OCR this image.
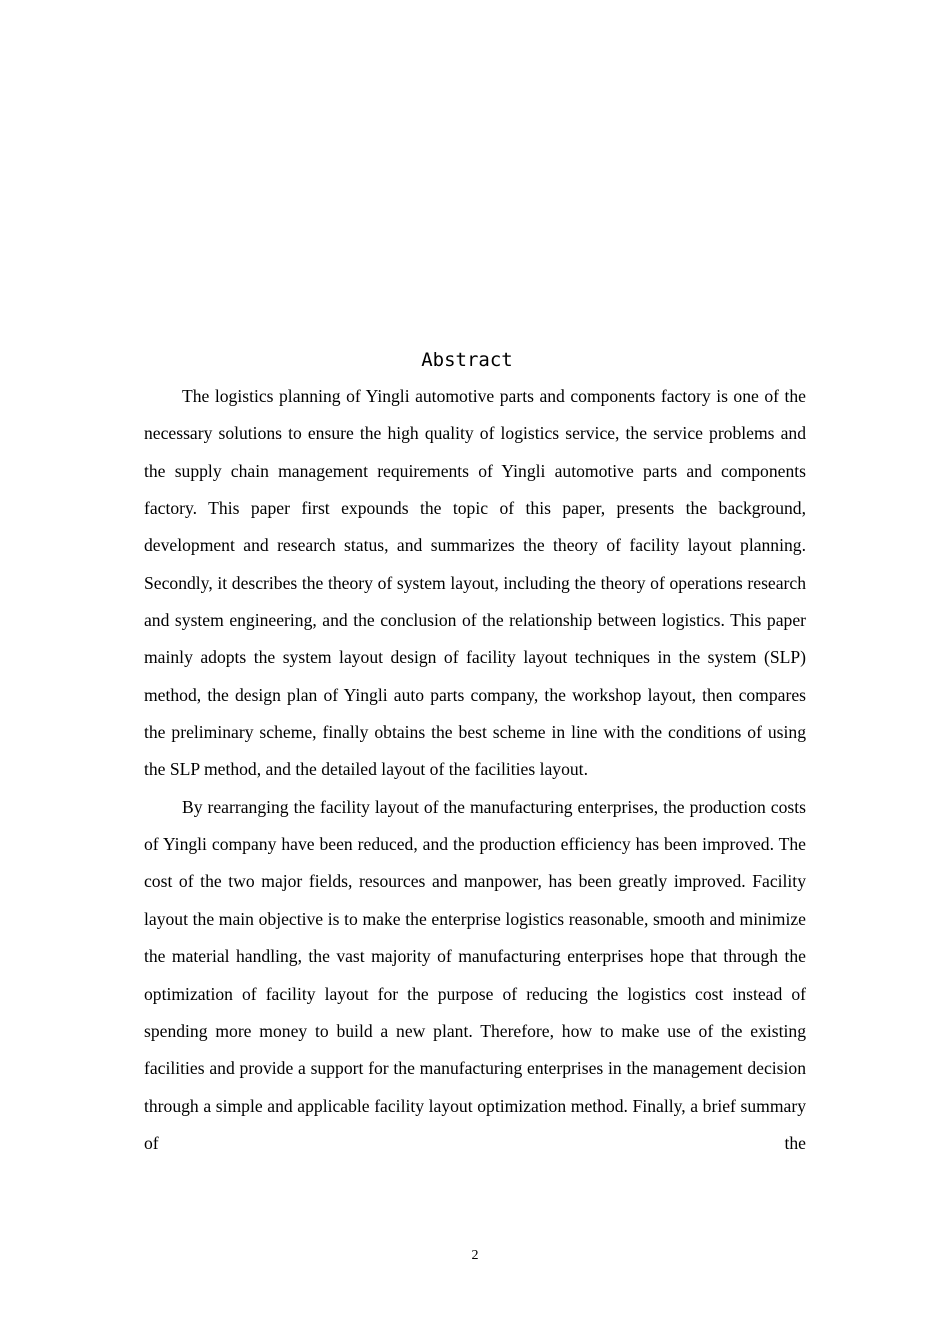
Abstract

The logistics planning of Yingli automotive parts and components factory is one of the necessary solutions to ensure the high quality of logistics service, the service problems and the supply chain management requirements of Yingli automotive parts and components factory. This paper first expounds the topic of this paper, presents the background, development and research status, and summarizes the theory of facility layout planning. Secondly, it describes the theory of system layout, including the theory of operations research and system engineering, and the conclusion of the relationship between logistics. This paper mainly adopts the system layout design of facility layout techniques in the system (SLP) method, the design plan of Yingli auto parts company, the workshop layout, then compares the preliminary scheme, finally obtains the best scheme in line with the conditions of using the SLP method, and the detailed layout of the facilities layout.

By rearranging the facility layout of the manufacturing enterprises, the production costs of Yingli company have been reduced, and the production efficiency has been improved. The cost of the two major fields, resources and manpower, has been greatly improved. Facility layout the main objective is to make the enterprise logistics reasonable, smooth and minimize the material handling, the vast majority of manufacturing enterprises hope that through the optimization of facility layout for the purpose of reducing the logistics cost instead of spending more money to build a new plant. Therefore, how to make use of the existing facilities and provide a support for the manufacturing enterprises in the management decision through a simple and applicable facility layout optimization method. Finally, a brief summary of the

2
